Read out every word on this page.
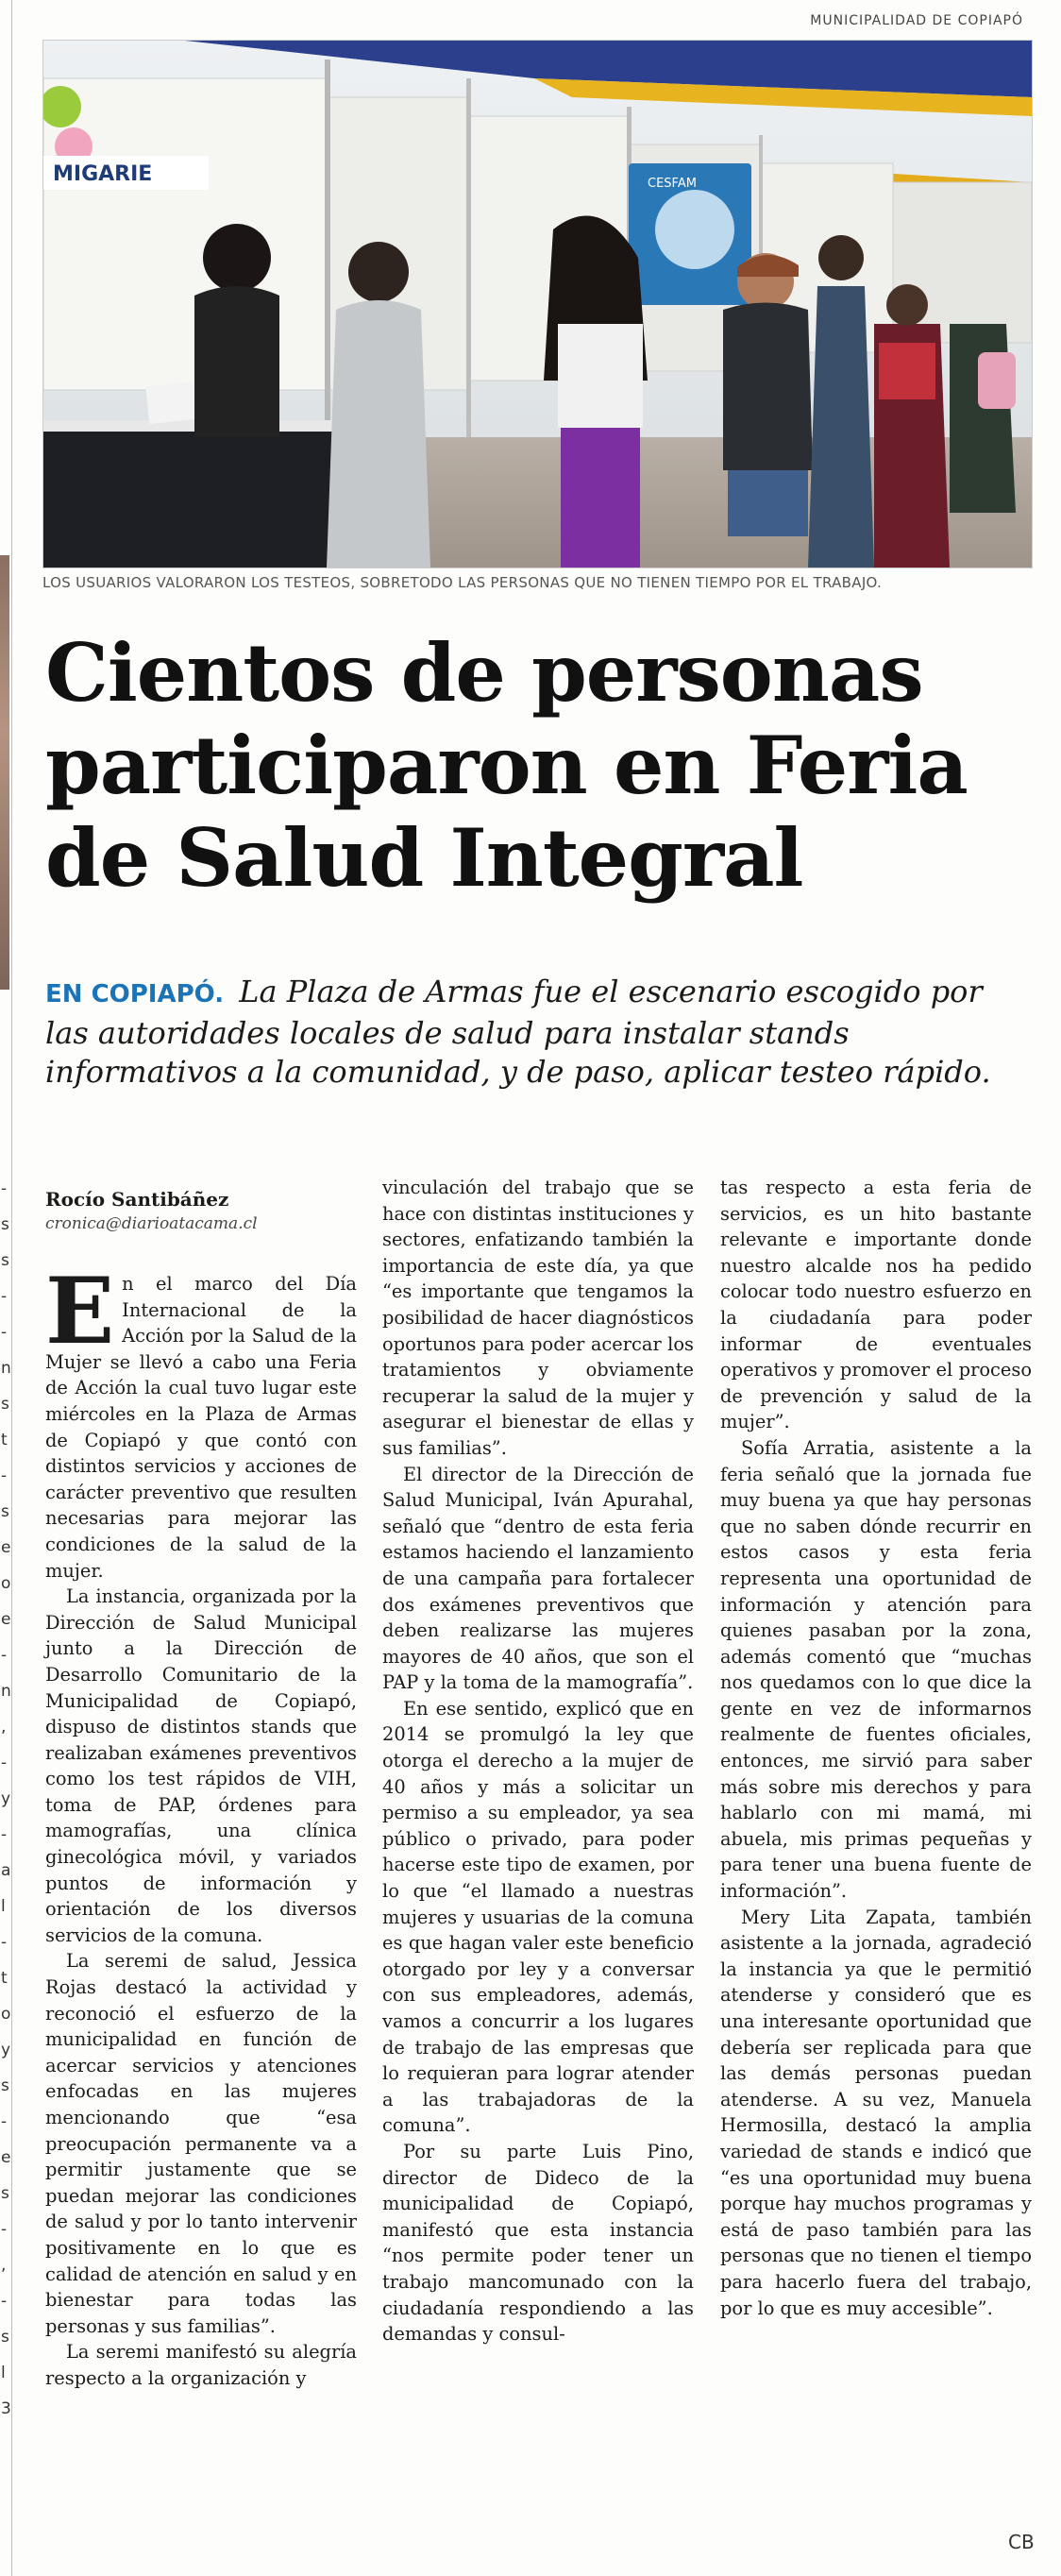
-
s
s
-
-
n
s
t
-
s
e
o
e
-
n
,
-
y
-
a
l
-
t
o
y
s
-
e
s
-
,
-
s
l
3
MUNICIPALIDAD DE COPIAPÓ
MIGARIE	CESFAM
LOS USUARIOS VALORARON LOS TESTEOS, SOBRETODO LAS PERSONAS QUE NO TIENEN TIEMPO POR EL TRABAJO.
Cientos de personas participaron en Feria de Salud Integral
EN COPIAPÓ. La Plaza de Armas fue el escenario escogido por las autoridades locales de salud para instalar stands informativos a la comunidad, y de paso, aplicar testeo rápido.
Rocío Santibáñez
cronica@diarioatacama.cl

En el marco del Día Internacional de la Acción por la Salud de la Mujer se llevó a cabo una Feria de Acción la cual tuvo lugar este miércoles en la Plaza de Armas de Copiapó y que contó con distintos servicios y acciones de carácter preventivo que resulten necesarias para mejorar las condiciones de la salud de la mujer.

La instancia, organizada por la Dirección de Salud Municipal junto a la Dirección de Desarrollo Comunitario de la Municipalidad de Copiapó, dispuso de distintos stands que realizaban exámenes preventivos como los test rápidos de VIH, toma de PAP, órdenes para mamografías, una clínica ginecológica móvil, y variados puntos de información y orientación de los diversos servicios de la comuna.

La seremi de salud, Jessica Rojas destacó la actividad y reconoció el esfuerzo de la municipalidad en función de acercar servicios y atenciones enfocadas en las mujeres mencionando que “esa preocupación permanente va a permitir justamente que se puedan mejorar las condiciones de salud y por lo tanto intervenir positivamente en lo que es calidad de atención en salud y en bienestar para todas las personas y sus familias”.

La seremi manifestó su alegría respecto a la organización y

vinculación del trabajo que se hace con distintas instituciones y sectores, enfatizando también la importancia de este día, ya que “es importante que tengamos la posibilidad de hacer diagnósticos oportunos para poder acercar los tratamientos y obviamente recuperar la salud de la mujer y asegurar el bienestar de ellas y sus familias”.

El director de la Dirección de Salud Municipal, Iván Apurahal, señaló que “dentro de esta feria estamos haciendo el lanzamiento de una campaña para fortalecer dos exámenes preventivos que deben realizarse las mujeres mayores de 40 años, que son el PAP y la toma de la mamografía”.

En ese sentido, explicó que en 2014 se promulgó la ley que otorga el derecho a la mujer de 40 años y más a solicitar un permiso a su empleador, ya sea público o privado, para poder hacerse este tipo de examen, por lo que “el llamado a nuestras mujeres y usuarias de la comuna es que hagan valer este beneficio otorgado por ley y a conversar con sus empleadores, además, vamos a concurrir a los lugares de trabajo de las empresas que lo requieran para lograr atender a las trabajadoras de la comuna”.

Por su parte Luis Pino, director de Dideco de la municipalidad de Copiapó, manifestó que esta instancia “nos permite poder tener un trabajo mancomunado con la ciudadanía respondiendo a las demandas y consul-

tas respecto a esta feria de servicios, es un hito bastante relevante e importante donde nuestro alcalde nos ha pedido colocar todo nuestro esfuerzo en la ciudadanía para poder informar de eventuales operativos y promover el proceso de prevención y salud de la mujer”.

Sofía Arratia, asistente a la feria señaló que la jornada fue muy buena ya que hay personas que no saben dónde recurrir en estos casos y esta feria representa una oportunidad de información y atención para quienes pasaban por la zona, además comentó que “muchas nos quedamos con lo que dice la gente en vez de informarnos realmente de fuentes oficiales, entonces, me sirvió para saber más sobre mis derechos y para hablarlo con mi mamá, mi abuela, mis primas pequeñas y para tener una buena fuente de información”.

Mery Lita Zapata, también asistente a la jornada, agradeció la instancia ya que le permitió atenderse y consideró que es una interesante oportunidad que debería ser replicada para que las demás personas puedan atenderse. A su vez, Manuela Hermosilla, destacó la amplia variedad de stands e indicó que “es una oportunidad muy buena porque hay muchos programas y está de paso también para las personas que no tienen el tiempo para hacerlo fuera del trabajo, por lo que es muy accesible”.

CB
